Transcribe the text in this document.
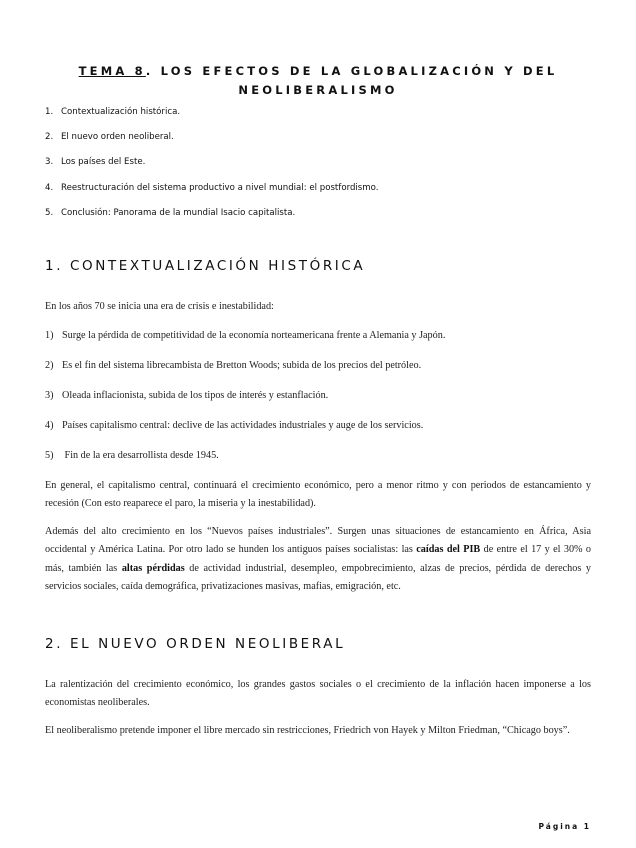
TEMA 8. LOS EFECTOS DE LA GLOBALIZACIÓN Y DEL
NEOLIBERALISMO
1. Contextualización histórica.
2. El nuevo orden neoliberal.
3. Los países del Este.
4. Reestructuración del sistema productivo a nivel mundial: el postfordismo.
5. Conclusión: Panorama de la mundial Isacio capitalista.
1. CONTEXTUALIZACIÓN HISTÓRICA

En los años 70 se inicia una era de crisis e inestabilidad:

1) Surge la pérdida de competitividad de la economía norteamericana frente a Alemania y Japón.
2) Es el fin del sistema librecambista de Bretton Woods; subida de los precios del petróleo.
3) Oleada inflacionista, subida de los tipos de interés y estanflación.
4) Países capitalismo central: declive de las actividades industriales y auge de los servicios.
5) Fin de la era desarrollista desde 1945.

En general, el capitalismo central, continuará el crecimiento económico, pero a menor ritmo y con periodos de estancamiento y recesión (Con esto reaparece el paro, la miseria y la inestabilidad).

Además del alto crecimiento en los “Nuevos países industriales”. Surgen unas situaciones de estancamiento en África, Asia occidental y América Latina. Por otro lado se hunden los antiguos países socialistas: las caídas del PIB de entre el 17 y el 30% o más, también las altas pérdidas de actividad industrial, desempleo, empobrecimiento, alzas de precios, pérdida de derechos y servicios sociales, caída demográfica, privatizaciones masivas, mafias, emigración, etc.

2. EL NUEVO ORDEN NEOLIBERAL

La ralentización del crecimiento económico, los grandes gastos sociales o el crecimiento de la inflación hacen imponerse a los economistas neoliberales.

El neoliberalismo pretende imponer el libre mercado sin restricciones, Friedrich von Hayek y Milton Friedman, “Chicago boys”.

Página 1
